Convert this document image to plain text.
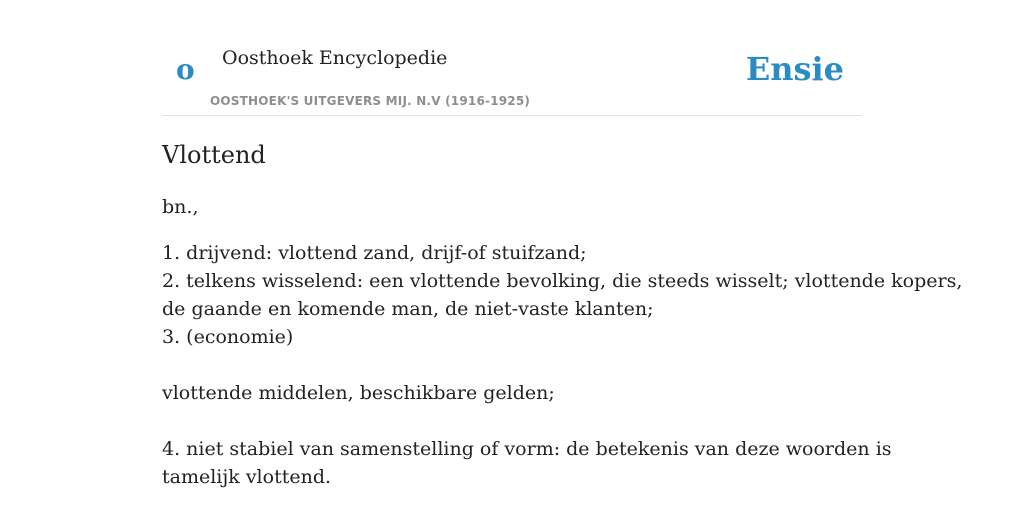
o Oosthoek Encyclopedie	Ensie
OOSTHOEK'S UITGEVERS MIJ. N.V (1916-1925)
Vlottend
bn.,
1. drijvend: vlottend zand, drijf-of stuifzand;
2. telkens wisselend: een vlottende bevolking, die steeds wisselt; vlottende kopers,
de gaande en komende man, de niet-vaste klanten;
3. (economie)
vlottende middelen, beschikbare gelden;
4. niet stabiel van samenstelling of vorm: de betekenis van deze woorden is
tamelijk vlottend.
